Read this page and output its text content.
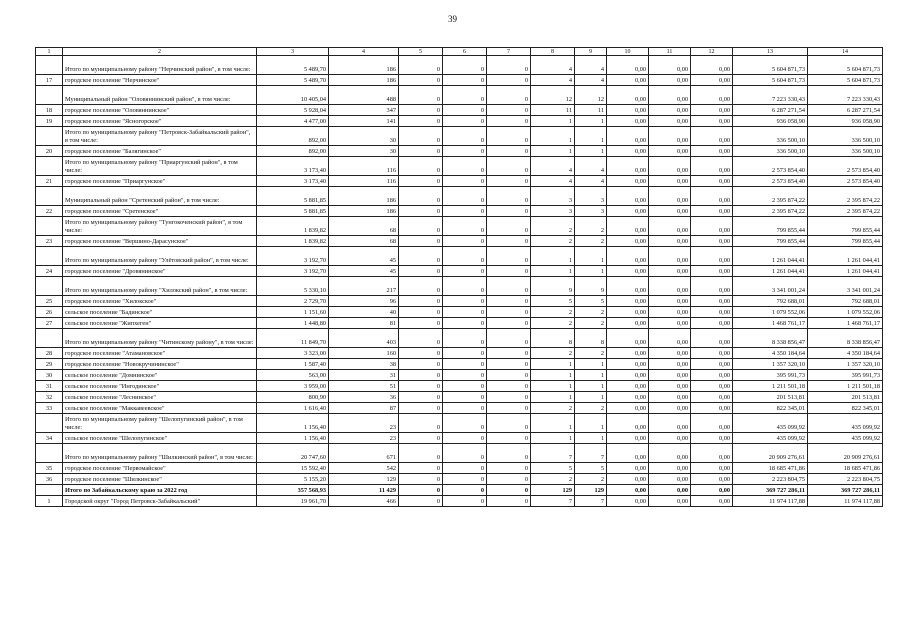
39
1	2	3	4	5	6	7	8	9	10	11	12	13	14
	Итого по муниципальному району "Нерчинский район", в том числе:	5 489,70	186	0	0	0	4	4	0,00	0,00	0,00	5 604 871,73	5 604 871,73
17	городское поселение "Нерчинское"	5 489,70	186	0	0	0	4	4	0,00	0,00	0,00	5 604 871,73	5 604 871,73
	Муниципальный район "Оловяннинский район", в том числе:	10 405,04	488	0	0	0	12	12	0,00	0,00	0,00	7 223 330,43	7 223 330,43
18	городское поселение "Оловяннинское"	5 928,04	347	0	0	0	11	11	0,00	0,00	0,00	6 287 271,54	6 287 271,54
19	городское поселение "Ясногорское"	4 477,00	141	0	0	0	1	1	0,00	0,00	0,00	936 058,90	936 058,90
	Итого по муниципальному району "Петровск-Забайкальский район", в том числе:	892,00	30	0	0	0	1	1	0,00	0,00	0,00	336 500,10	336 500,10
20	городское поселение "Балягинское"	892,00	30	0	0	0	1	1	0,00	0,00	0,00	336 500,10	336 500,10
	Итого по муниципальному району "Приаргунский район", в том числе:	3 173,40	116	0	0	0	4	4	0,00	0,00	0,00	2 573 854,40	2 573 854,40
21	городское поселение "Приаргунское"	3 173,40	116	0	0	0	4	4	0,00	0,00	0,00	2 573 854,40	2 573 854,40
	Муниципальный район "Сретенский район", в том числе:	5 881,85	186	0	0	0	3	3	0,00	0,00	0,00	2 395 874,22	2 395 874,22
22	городское поселение "Сретенское"	5 881,85	186	0	0	0	3	3	0,00	0,00	0,00	2 395 874,22	2 395 874,22
	Итого по муниципальному району "Тунгокоченский район", в том числе:	1 839,82	68	0	0	0	2	2	0,00	0,00	0,00	799 855,44	799 855,44
23	городское поселение "Вершино-Дарасунское"	1 839,82	68	0	0	0	2	2	0,00	0,00	0,00	799 855,44	799 855,44
	Итого по муниципальному району "Улётовский район", в том числе:	3 192,70	45	0	0	0	1	1	0,00	0,00	0,00	1 261 044,41	1 261 044,41
24	городское поселение "Дровянинское"	3 192,70	45	0	0	0	1	1	0,00	0,00	0,00	1 261 044,41	1 261 044,41
	Итого по муниципальному району "Хилокский район", в том числе:	5 330,10	217	0	0	0	9	9	0,00	0,00	0,00	3 341 001,24	3 341 001,24
25	городское поселение "Хилокское"	2 729,70	96	0	0	0	5	5	0,00	0,00	0,00	792 688,01	792 688,01
26	сельское поселение "Бадинское"	1 151,60	40	0	0	0	2	2	0,00	0,00	0,00	1 079 552,06	1 079 552,06
27	сельское поселение "Жипхеген"	1 448,80	81	0	0	0	2	2	0,00	0,00	0,00	1 468 761,17	1 468 761,17
	Итого по муниципальному району "Читинскому району", в том числе:	11 849,70	403	0	0	0	8	8	0,00	0,00	0,00	8 338 856,47	8 338 856,47
28	городское поселение "Атамановское"	3 323,00	160	0	0	0	2	2	0,00	0,00	0,00	4 350 184,64	4 350 184,64
29	городское поселение "Новокручининское"	1 587,40	38	0	0	0	1	1	0,00	0,00	0,00	1 357 320,10	1 357 320,10
30	сельское поселение "Домнинское"	563,00	31	0	0	0	1	1	0,00	0,00	0,00	395 991,73	395 991,73
31	сельское поселение "Ингодинское"	3 959,00	51	0	0	0	1	1	0,00	0,00	0,00	1 211 501,18	1 211 501,18
32	сельское поселение "Леснинское"	800,90	36	0	0	0	1	1	0,00	0,00	0,00	201 513,81	201 513,81
33	сельское поселение "Маккавеевское"	1 616,40	87	0	0	0	2	2	0,00	0,00	0,00	822 345,01	822 345,01
	Итого по муниципальному району "Шелопугинский район", в том числе:	1 156,40	23	0	0	0	1	1	0,00	0,00	0,00	435 099,92	435 099,92
34	сельское поселение "Шелопугинское"	1 156,40	23	0	0	0	1	1	0,00	0,00	0,00	435 099,92	435 099,92
	Итого по муниципальному району "Шилкинский район", в том числе:	20 747,60	671	0	0	0	7	7	0,00	0,00	0,00	20 909 276,61	20 909 276,61
35	городское поселение "Первомайское"	15 592,40	542	0	0	0	5	5	0,00	0,00	0,00	18 685 471,86	18 685 471,86
36	городское поселение "Шилкинское"	5 155,20	129	0	0	0	2	2	0,00	0,00	0,00	2 223 804,75	2 223 804,75
	Итого по Забайкальскому краю за 2022 год	357 568,93	11 429	0	0	0	129	129	0,00	0,00	0,00	369 727 286,11	369 727 286,11
1	Городской округ "Город Петровск-Забайкальский"	19 961,70	466	0	0	0	7	7	0,00	0,00	0,00	11 974 117,88	11 974 117,88
